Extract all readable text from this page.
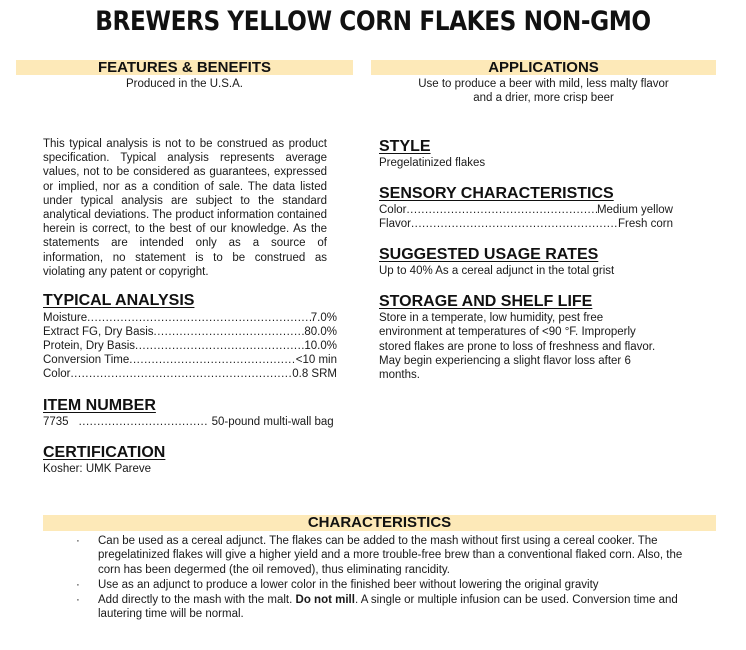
BREWERS YELLOW CORN FLAKES NON-GMO
FEATURES & BENEFITS
Produced in the U.S.A.
APPLICATIONS
Use to produce a beer with mild, less malty flavor
and a drier, more crisp beer
This typical analysis is not to be construed as product specification. Typical analysis represents average values, not to be considered as guarantees, expressed or implied, nor as a condition of sale. The data listed under typical analysis are subject to the standard analytical deviations. The product information contained herein is correct, to the best of our knowledge. As the statements are intended only as a source of information, no statement is to be construed as violating any patent or copyright.
TYPICAL ANALYSIS
Moisture .....	7.0%
Extract FG, Dry Basis .....	80.0%
Protein, Dry Basis .....	10.0%
Conversion Time .....	<10 min
Color .....	0.8 SRM
ITEM NUMBER
7735 .....	50-pound multi-wall bag
CERTIFICATION
Kosher: UMK Pareve
STYLE
Pregelatinized flakes
SENSORY CHARACTERISTICS
Color .....	Medium yellow
Flavor .....	Fresh corn
SUGGESTED USAGE RATES
Up to 40% As a cereal adjunct in the total grist
STORAGE AND SHELF LIFE
Store in a temperate, low humidity, pest free environment at temperatures of <90 °F. Improperly stored flakes are prone to loss of freshness and flavor. May begin experiencing a slight flavor loss after 6 months.
CHARACTERISTICS
· Can be used as a cereal adjunct. The flakes can be added to the mash without first using a cereal cooker. The pregelatinized flakes will give a higher yield and a more trouble-free brew than a conventional flaked corn. Also, the corn has been degermed (the oil removed), thus eliminating rancidity.
· Use as an adjunct to produce a lower color in the finished beer without lowering the original gravity
· Add directly to the mash with the malt. Do not mill. A single or multiple infusion can be used. Conversion time and lautering time will be normal.
